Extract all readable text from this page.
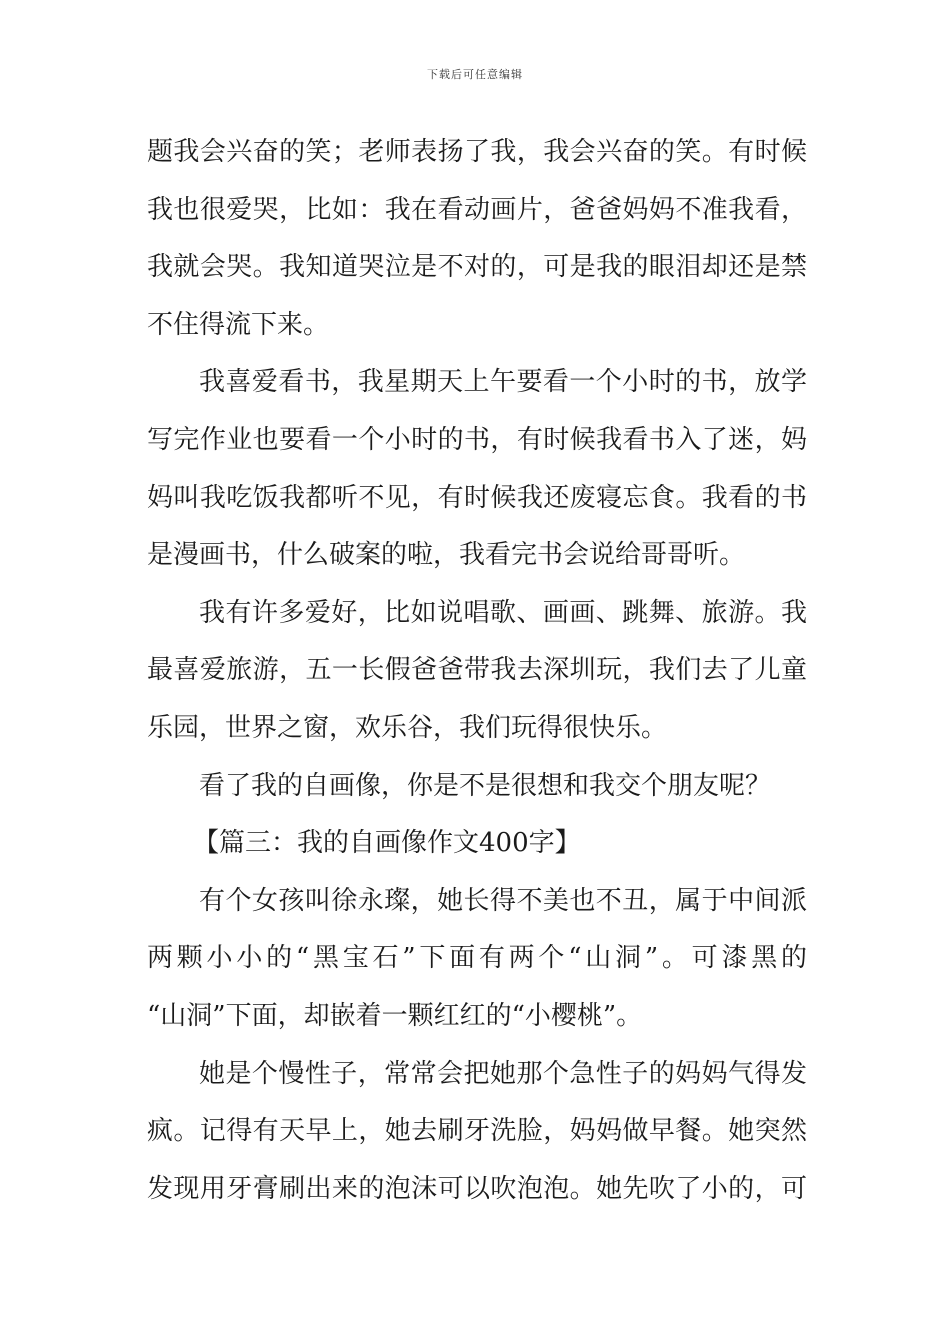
下载后可任意编辑
题我会兴奋的笑；老师表扬了我，我会兴奋的笑。有时候
我也很爱哭，比如：我在看动画片，爸爸妈妈不准我看，
我就会哭。我知道哭泣是不对的，可是我的眼泪却还是禁
不住得流下来。
我喜爱看书，我星期天上午要看一个小时的书，放学
写完作业也要看一个小时的书，有时候我看书入了迷，妈
妈叫我吃饭我都听不见，有时候我还废寝忘食。我看的书
是漫画书，什么破案的啦，我看完书会说给哥哥听。
我有许多爱好，比如说唱歌、画画、跳舞、旅游。我
最喜爱旅游，五一长假爸爸带我去深圳玩，我们去了儿童
乐园，世界之窗，欢乐谷，我们玩得很快乐。
看了我的自画像，你是不是很想和我交个朋友呢？
【篇三：我的自画像作文400字】
有个女孩叫徐永璨，她长得不美也不丑，属于中间派
两颗小小的“黑宝石”下面有两个“山洞”。可漆黑的
“山洞”下面，却嵌着一颗红红的“小樱桃”。
她是个慢性子，常常会把她那个急性子的妈妈气得发
疯。记得有天早上，她去刷牙洗脸，妈妈做早餐。她突然
发现用牙膏刷出来的泡沫可以吹泡泡。她先吹了小的，可
